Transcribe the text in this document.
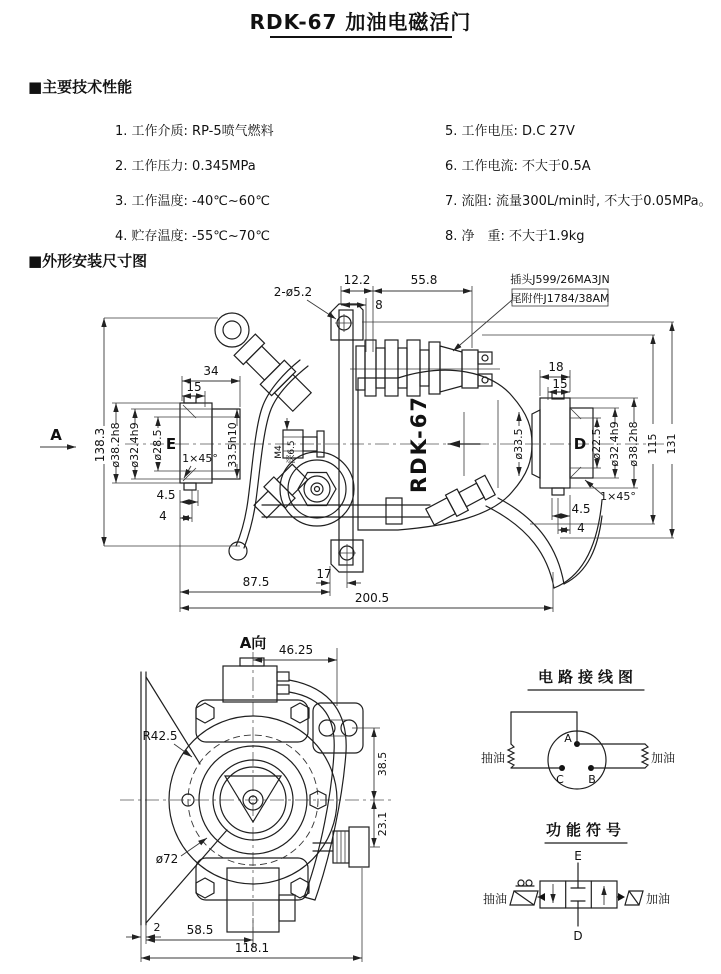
RDK-67 加油电磁活门
■主要技术性能
1. 工作介质: RP-5喷气燃料
2. 工作压力: 0.345MPa
3. 工作温度: -40℃~60℃
4. 贮存温度: -55℃~70℃
5. 工作电压: D.C 27V
6. 工作电流: 不大于0.5A
7. 流阻: 流量300L/min时, 不大于0.05MPa。
8. 净　重: 不大于1.9kg
■外形安装尺寸图
RDK-67
M4 深6.5
12.2	55.8
8
2-ø5.2
插头J599/26MA3JN
尾附件J1784/38AM
18
15
34
15
A	138.3 ø38.2h8 ø32.4h9 ø28.5 E
1×45° 33.5h10	ø33.5	D ø22.5 ø32.4h9 ø38.2h8 115 131
1×45°
4.5
4
4.5
4
87.5
17
200.5
A向 46.25
R42.5
ø72
38.5
23.1
2 58.5
118.1
电路接线图
A
C B
抽油	加油
功能符号
E
D
抽油	加油
